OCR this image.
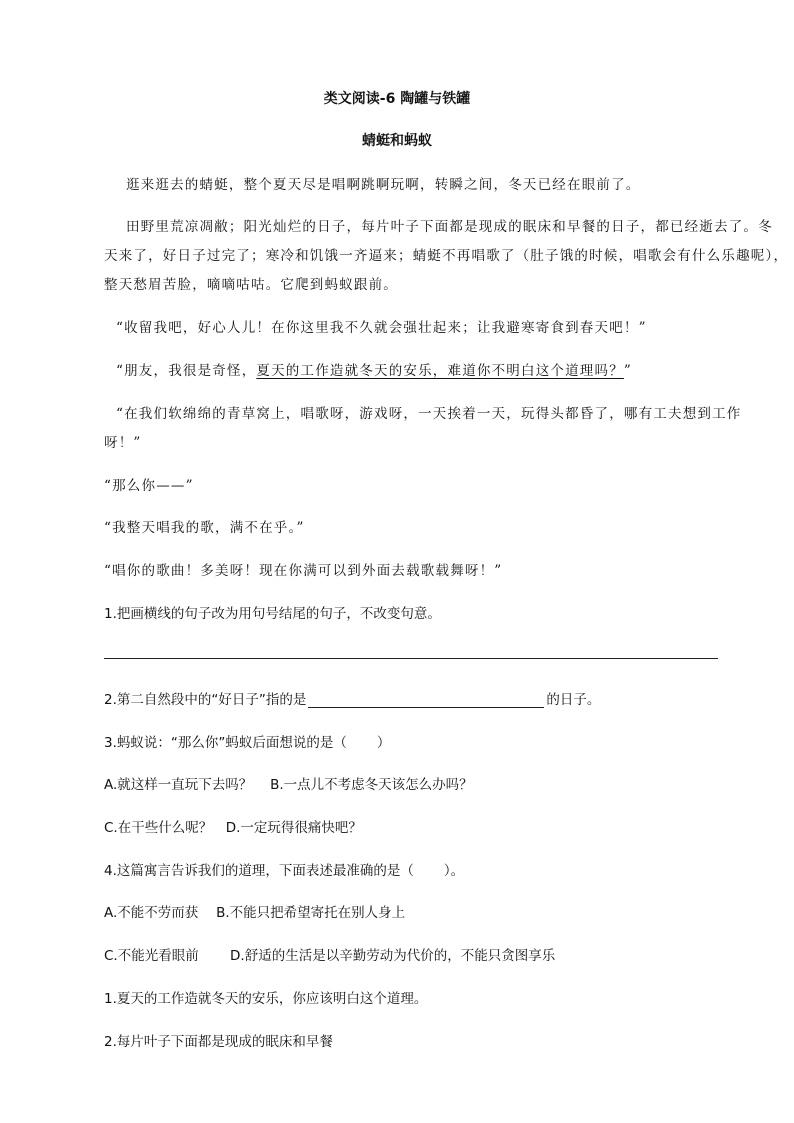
类文阅读-6 陶罐与铁罐
蜻蜓和蚂蚁
逛来逛去的蜻蜓，整个夏天尽是唱啊跳啊玩啊，转瞬之间，冬天已经在眼前了。
田野里荒凉凋敝；阳光灿烂的日子，每片叶子下面都是现成的眠床和早餐的日子，都已经逝去了。冬
天来了，好日子过完了；寒冷和饥饿一齐逼来；蜻蜓不再唱歌了（肚子饿的时候，唱歌会有什么乐趣呢），
整天愁眉苦脸，嘀嘀咕咕。它爬到蚂蚁跟前。
“收留我吧，好心人儿！在你这里我不久就会强壮起来；让我避寒寄食到春天吧！”
“朋友，我很是奇怪，夏天的工作造就冬天的安乐，难道你不明白这个道理吗？”
“在我们软绵绵的青草窝上，唱歌呀，游戏呀，一天挨着一天，玩得头都昏了，哪有工夫想到工作
呀！”
“那么你——”
“我整天唱我的歌，满不在乎。”
“唱你的歌曲！多美呀！现在你满可以到外面去载歌载舞呀！”
1.把画横线的句子改为用句号结尾的句子，不改变句意。
2.第二自然段中的“好日子”指的是	的日子。
3.蚂蚁说：“那么你”蚂蚁后面想说的是（ ）
A.就这样一直玩下去吗？　 B.一点儿不考虑冬天该怎么办吗？
C.在干些什么呢？　D.一定玩得很痛快吧？
4.这篇寓言告诉我们的道理，下面表述最准确的是（ ）。
A.不能不劳而获　 B.不能只把希望寄托在别人身上
C.不能光看眼前　　 D.舒适的生活是以辛勤劳动为代价的，不能只贪图享乐
1.夏天的工作造就冬天的安乐，你应该明白这个道理。
2.每片叶子下面都是现成的眠床和早餐
